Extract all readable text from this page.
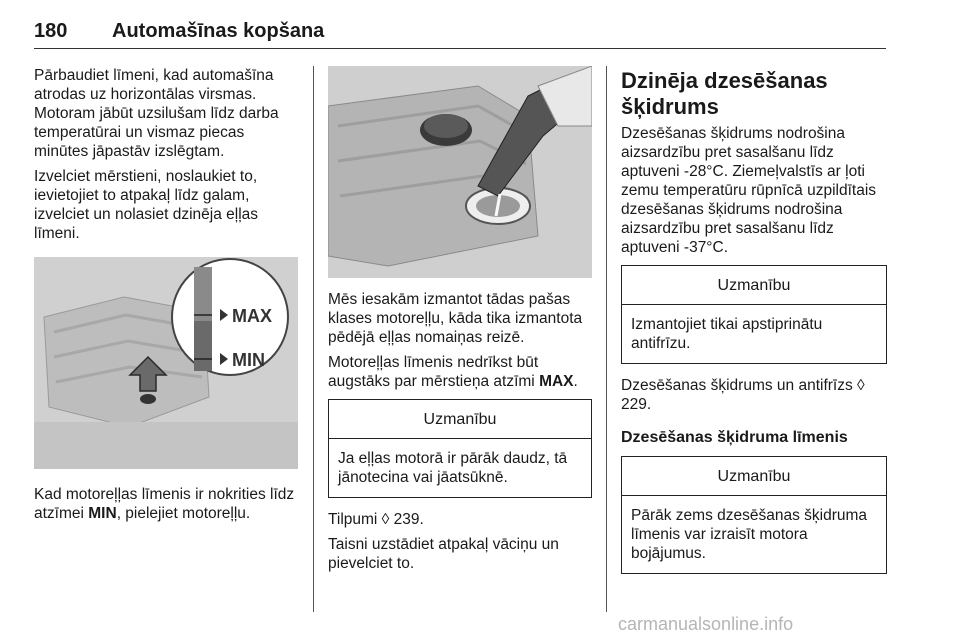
180 Automašīnas kopšana

Pārbaudiet līmeni, kad automašīna atrodas uz horizontālas virsmas. Motoram jābūt uzsilušam līdz darba temperatūrai un vismaz piecas minūtes jāpastāv izslēgtam.

Izvelciet mērstieni, noslaukiet to, ievietojiet to atpakaļ līdz galam, izvelciet un nolasiet dzinēja eļļas līmeni.

MAX
MIN

Kad motoreļļas līmenis ir nokrities līdz atzīmei MIN, pielejiet motoreļļu.

Mēs iesakām izmantot tādas pašas klases motoreļļu, kāda tika izmantota pēdējā eļļas nomaiņas reizē.

Motoreļļas līmenis nedrīkst būt augstāks par mērstieņa atzīmi MAX.

Uzmanību
Ja eļļas motorā ir pārāk daudz, tā jānotecina vai jāatsūknē.

Tilpumi ◊ 239.

Taisni uzstādiet atpakaļ vāciņu un pievelciet to.

Dzinēja dzesēšanas šķidrums

Dzesēšanas šķidrums nodrošina aizsardzību pret sasalšanu līdz aptuveni -28°C. Ziemeļvalstīs ar ļoti zemu temperatūru rūpnīcā uzpildītais dzesēšanas šķidrums nodrošina aizsardzību pret sasalšanu līdz aptuveni -37°C.

Uzmanību
Izmantojiet tikai apstiprinātu antifrīzu.

Dzesēšanas šķidrums un antifrīzs ◊ 229.

Dzesēšanas šķidruma līmenis
Uzmanību
Pārāk zems dzesēšanas šķidruma līmenis var izraisīt motora bojājumus.
carmanualsonline.info
